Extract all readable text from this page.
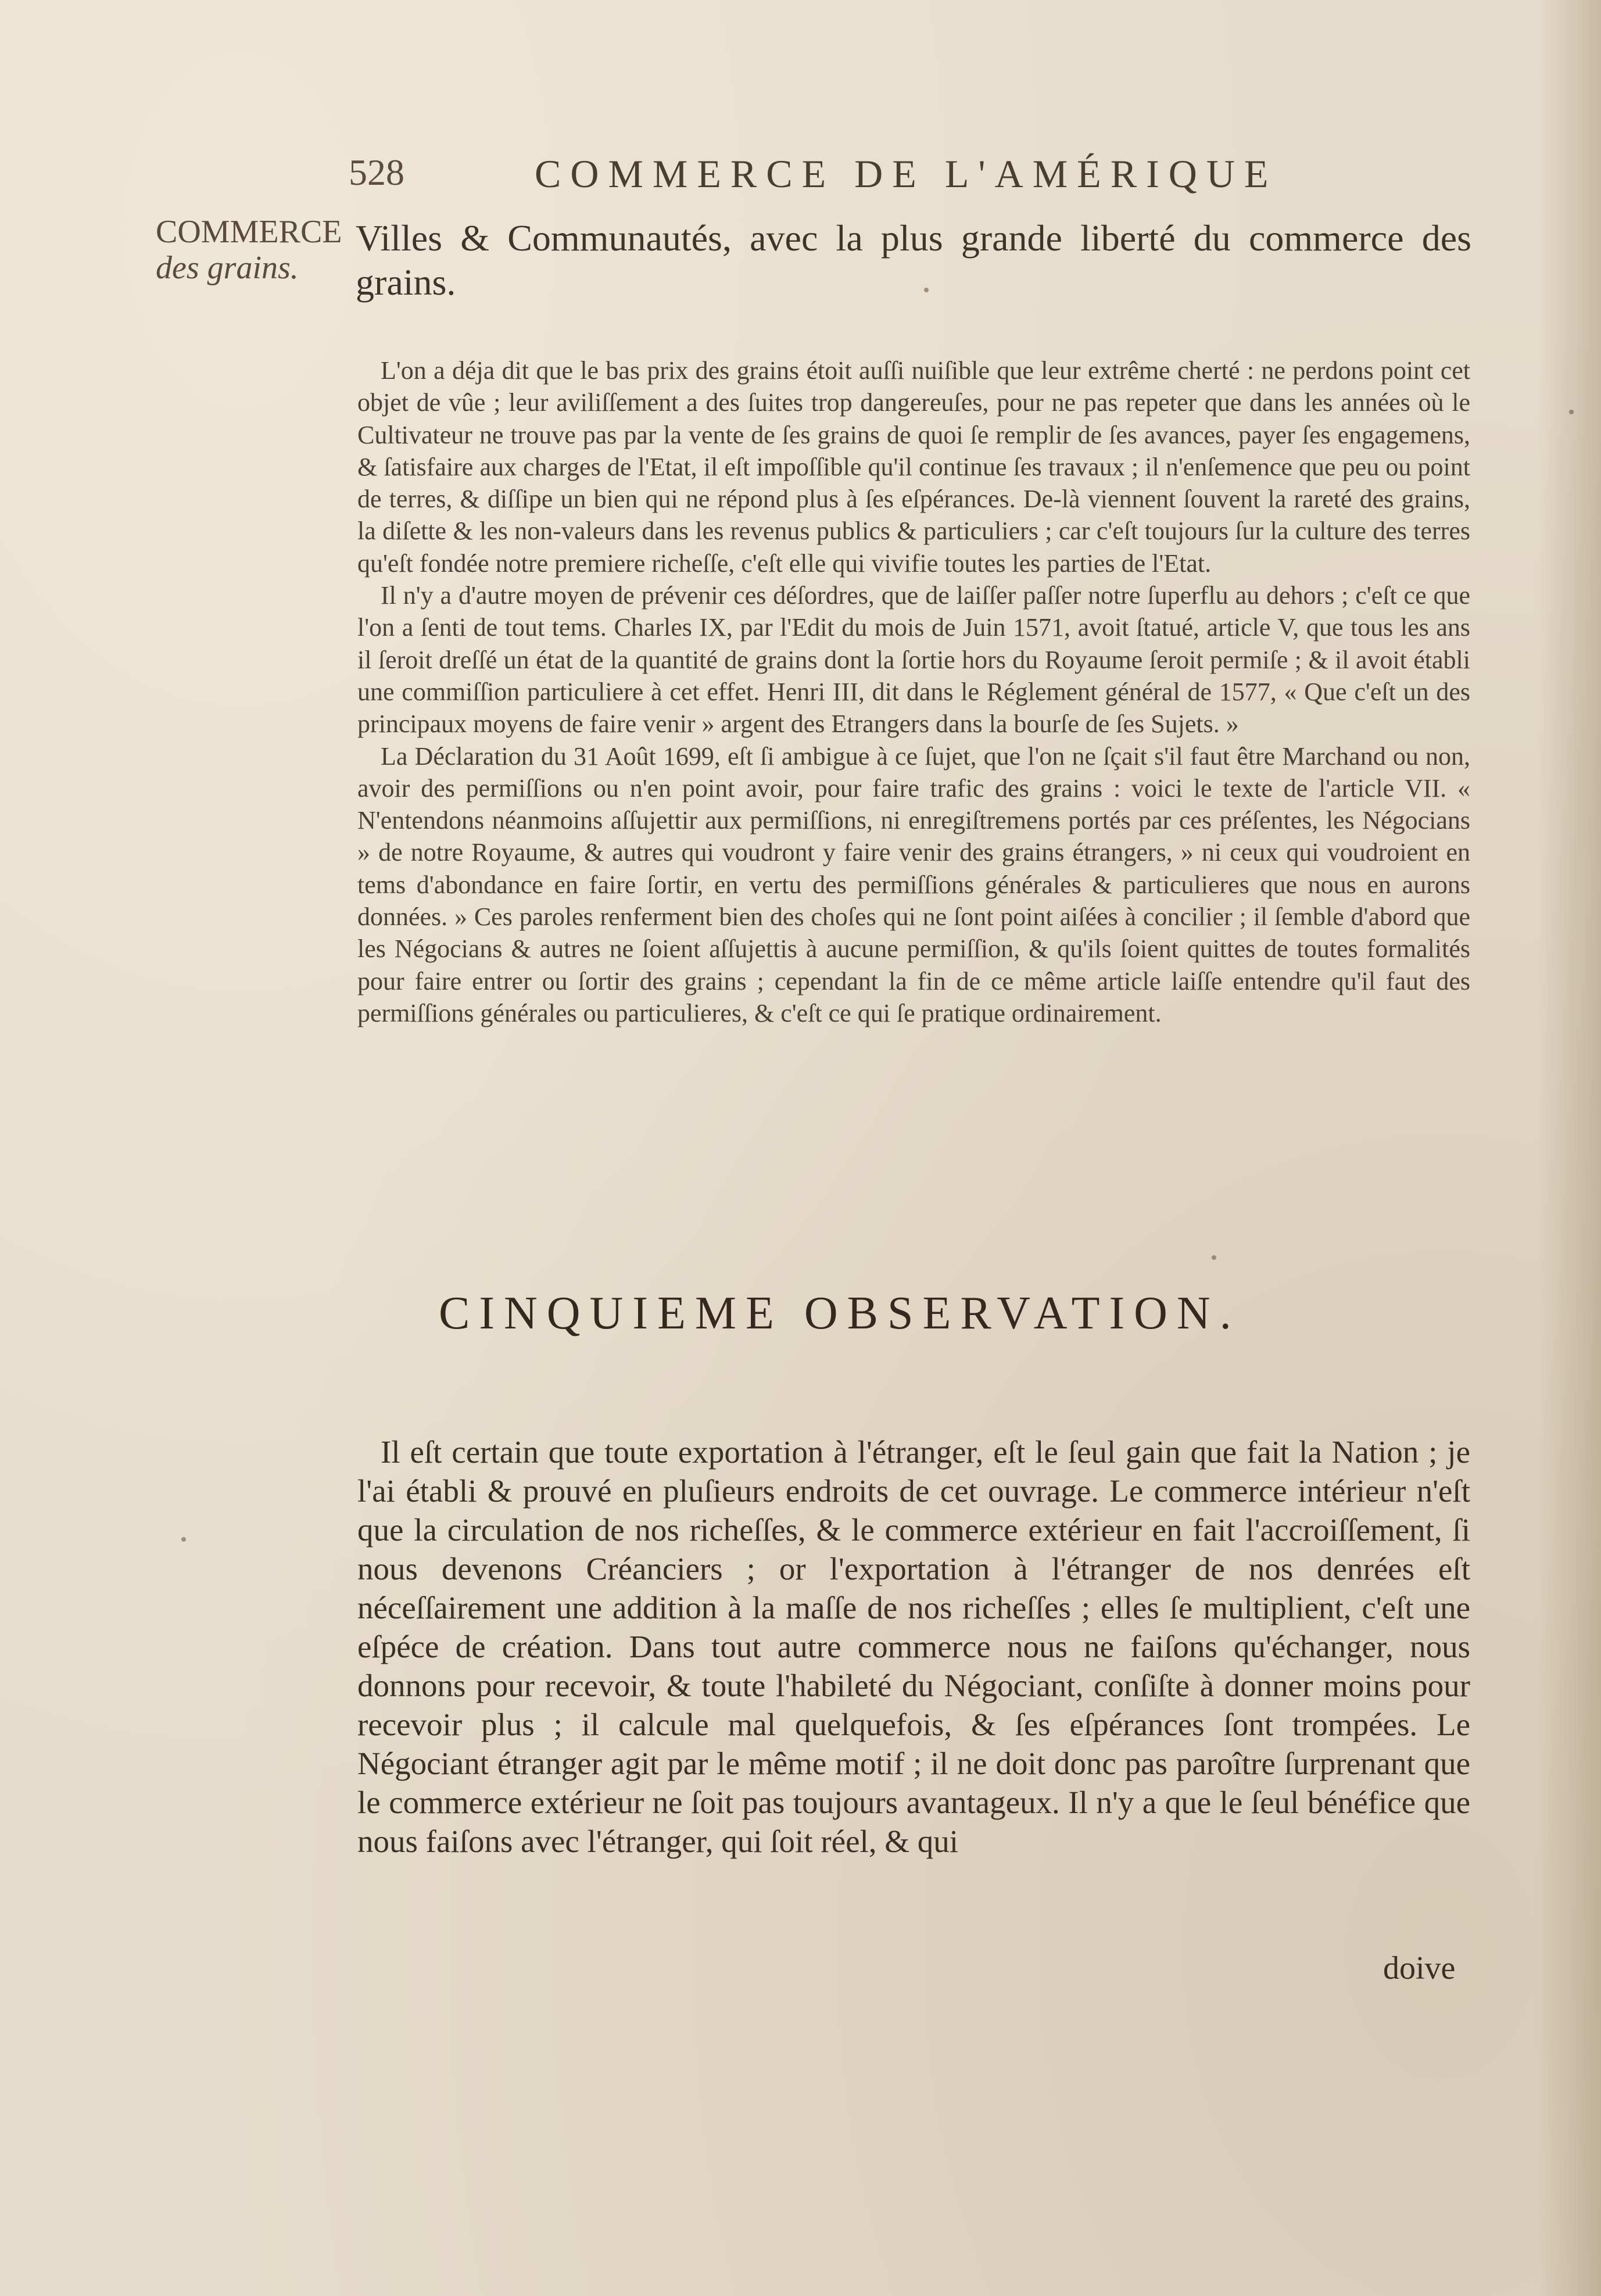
528	COMMERCE DE L'AMÉRIQUE
COMMERCE
des grains.
Villes & Communautés, avec la plus grande liberté du commerce des grains.

L'on a déja dit que le bas prix des grains étoit auſſi nuiſible que leur extrême cherté : ne perdons point cet objet de vûe ; leur aviliſſement a des ſuites trop dangereuſes, pour ne pas repeter que dans les années où le Cultivateur ne trouve pas par la vente de ſes grains de quoi ſe remplir de ſes avances, payer ſes engagemens, & ſatisfaire aux charges de l'Etat, il eſt impoſſible qu'il continue ſes travaux ; il n'enſemence que peu ou point de terres, & diſſipe un bien qui ne répond plus à ſes eſpérances. De-là viennent ſouvent la rareté des grains, la diſette & les non-valeurs dans les revenus publics & particuliers ; car c'eſt toujours ſur la culture des terres qu'eſt fondée notre premiere richeſſe, c'eſt elle qui vivifie toutes les parties de l'Etat.

Il n'y a d'autre moyen de prévenir ces déſordres, que de laiſſer paſſer notre ſuperflu au dehors ; c'eſt ce que l'on a ſenti de tout tems. Charles IX, par l'Edit du mois de Juin 1571, avoit ſtatué, article V, que tous les ans il ſeroit dreſſé un état de la quantité de grains dont la ſortie hors du Royaume ſeroit permiſe ; & il avoit établi une commiſſion particuliere à cet effet. Henri III, dit dans le Réglement général de 1577, « Que c'eſt un des principaux moyens de faire venir » argent des Etrangers dans la bourſe de ſes Sujets. »

La Déclaration du 31 Août 1699, eſt ſi ambigue à ce ſujet, que l'on ne ſçait s'il faut être Marchand ou non, avoir des permiſſions ou n'en point avoir, pour faire trafic des grains : voici le texte de l'article VII. « N'entendons néanmoins aſſujettir aux permiſſions, ni enregiſtremens portés par ces préſentes, les Négocians » de notre Royaume, & autres qui voudront y faire venir des grains étrangers, » ni ceux qui voudroient en tems d'abondance en faire ſortir, en vertu des permiſſions générales & particulieres que nous en aurons données. » Ces paroles renferment bien des choſes qui ne ſont point aiſées à concilier ; il ſemble d'abord que les Négocians & autres ne ſoient aſſujettis à aucune permiſſion, & qu'ils ſoient quittes de toutes formalités pour faire entrer ou ſortir des grains ; cependant la fin de ce même article laiſſe entendre qu'il faut des permiſſions générales ou particulieres, & c'eſt ce qui ſe pratique ordinairement.

CINQUIEME OBSERVATION.

Il eſt certain que toute exportation à l'étranger, eſt le ſeul gain que fait la Nation ; je l'ai établi & prouvé en pluſieurs endroits de cet ouvrage. Le commerce intérieur n'eſt que la circulation de nos richeſſes, & le commerce extérieur en fait l'accroiſſement, ſi nous devenons Créanciers ; or l'exportation à l'étranger de nos denrées eſt néceſſairement une addition à la maſſe de nos richeſſes ; elles ſe multiplient, c'eſt une eſpéce de création. Dans tout autre commerce nous ne faiſons qu'échanger, nous donnons pour recevoir, & toute l'habileté du Négociant, conſiſte à donner moins pour recevoir plus ; il calcule mal quelquefois, & ſes eſpérances ſont trompées. Le Négociant étranger agit par le même motif ; il ne doit donc pas paroître ſurprenant que le commerce extérieur ne ſoit pas toujours avantageux. Il n'y a que le ſeul bénéfice que nous faiſons avec l'étranger, qui ſoit réel, & qui

doive
